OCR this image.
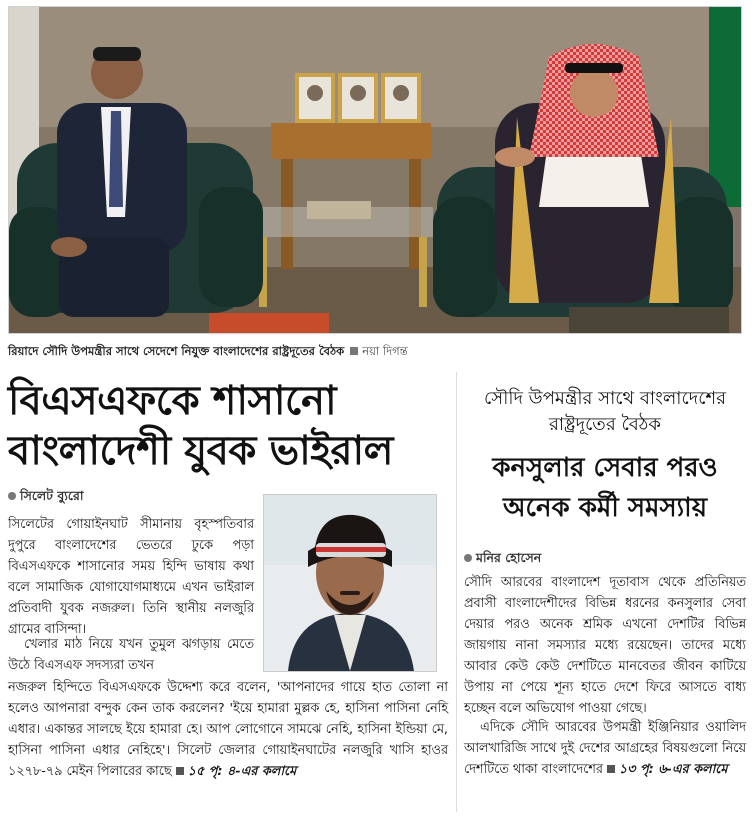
রিয়াদে সৌদি উপমন্ত্রীর সাথে সেদেশে নিযুক্ত বাংলাদেশের রাষ্ট্রদূতের বৈঠক নয়া দিগন্ত
বিএসএফকে শাসানো
বাংলাদেশী যুবক ভাইরাল
সিলেট ব্যুরো

সিলেটের গোয়াইনঘাট সীমানায় বৃহস্পতিবার দুপুরে বাংলাদেশের ভেতরে ঢুকে পড়া বিএসএফকে শাসানোর সময় হিন্দি ভাষায় কথা বলে সামাজিক যোগাযোগমাধ্যমে এখন ভাইরাল প্রতিবাদী যুবক নজরুল। তিনি স্থানীয় নলজুরি গ্রামের বাসিন্দা।

খেলার মাঠ নিয়ে যখন তুমুল ঝগড়ায় মেতে উঠে বিএসএফ সদস্যরা তখন

নজরুল হিন্দিতে বিএসএফকে উদ্দেশ্য করে বলেন, 'আপনাদের গায়ে হাত তোলা না হলেও আপনারা বন্দুক কেন তাক করলেন? 'ইয়ে হামারা মুল্লক হে, হাসিনা পাসিনা নেহি এধার। একান্তর সালছে ইয়ে হামারা হে। আপ লোগোনে সামঝে নেহি, হাসিনা ইন্ডিয়া মে, হাসিনা পাসিনা এধার নেহিহে'। সিলেট জেলার গোয়াইনঘাটের নলজুরি খাসি হাওর ১২৭৮-৭৯ মেইন পিলারের কাছে ১৫ পৃ: ৪-এর কলামে

সৌদি উপমন্ত্রীর সাথে বাংলাদেশের
রাষ্ট্রদূতের বৈঠক
কনসুলার সেবার পরও
অনেক কর্মী সমস্যায়
মনির হোসেন

সৌদি আরবের বাংলাদেশ দূতাবাস থেকে প্রতিনিয়ত প্রবাসী বাংলাদেশীদের বিভিন্ন ধরনের কনসুলার সেবা দেয়ার পরও অনেক শ্রমিক এখনো দেশটির বিভিন্ন জায়গায় নানা সমস্যার মধ্যে রয়েছেন। তাদের মধ্যে আবার কেউ কেউ দেশটিতে মানবেতর জীবন কাটিয়ে উপায় না পেয়ে শূন্য হাতে দেশে ফিরে আসতে বাধ্য হচ্ছেন বলে অভিযোগ পাওয়া গেছে।

এদিকে সৌদি আরবের উপমন্ত্রী ইঞ্জিনিয়ার ওয়ালিদ আলখারিজি সাথে দুই দেশের আগ্রহের বিষয়গুলো নিয়ে দেশটিতে থাকা বাংলাদেশের ১৩ পৃ: ৬-এর কলামে
